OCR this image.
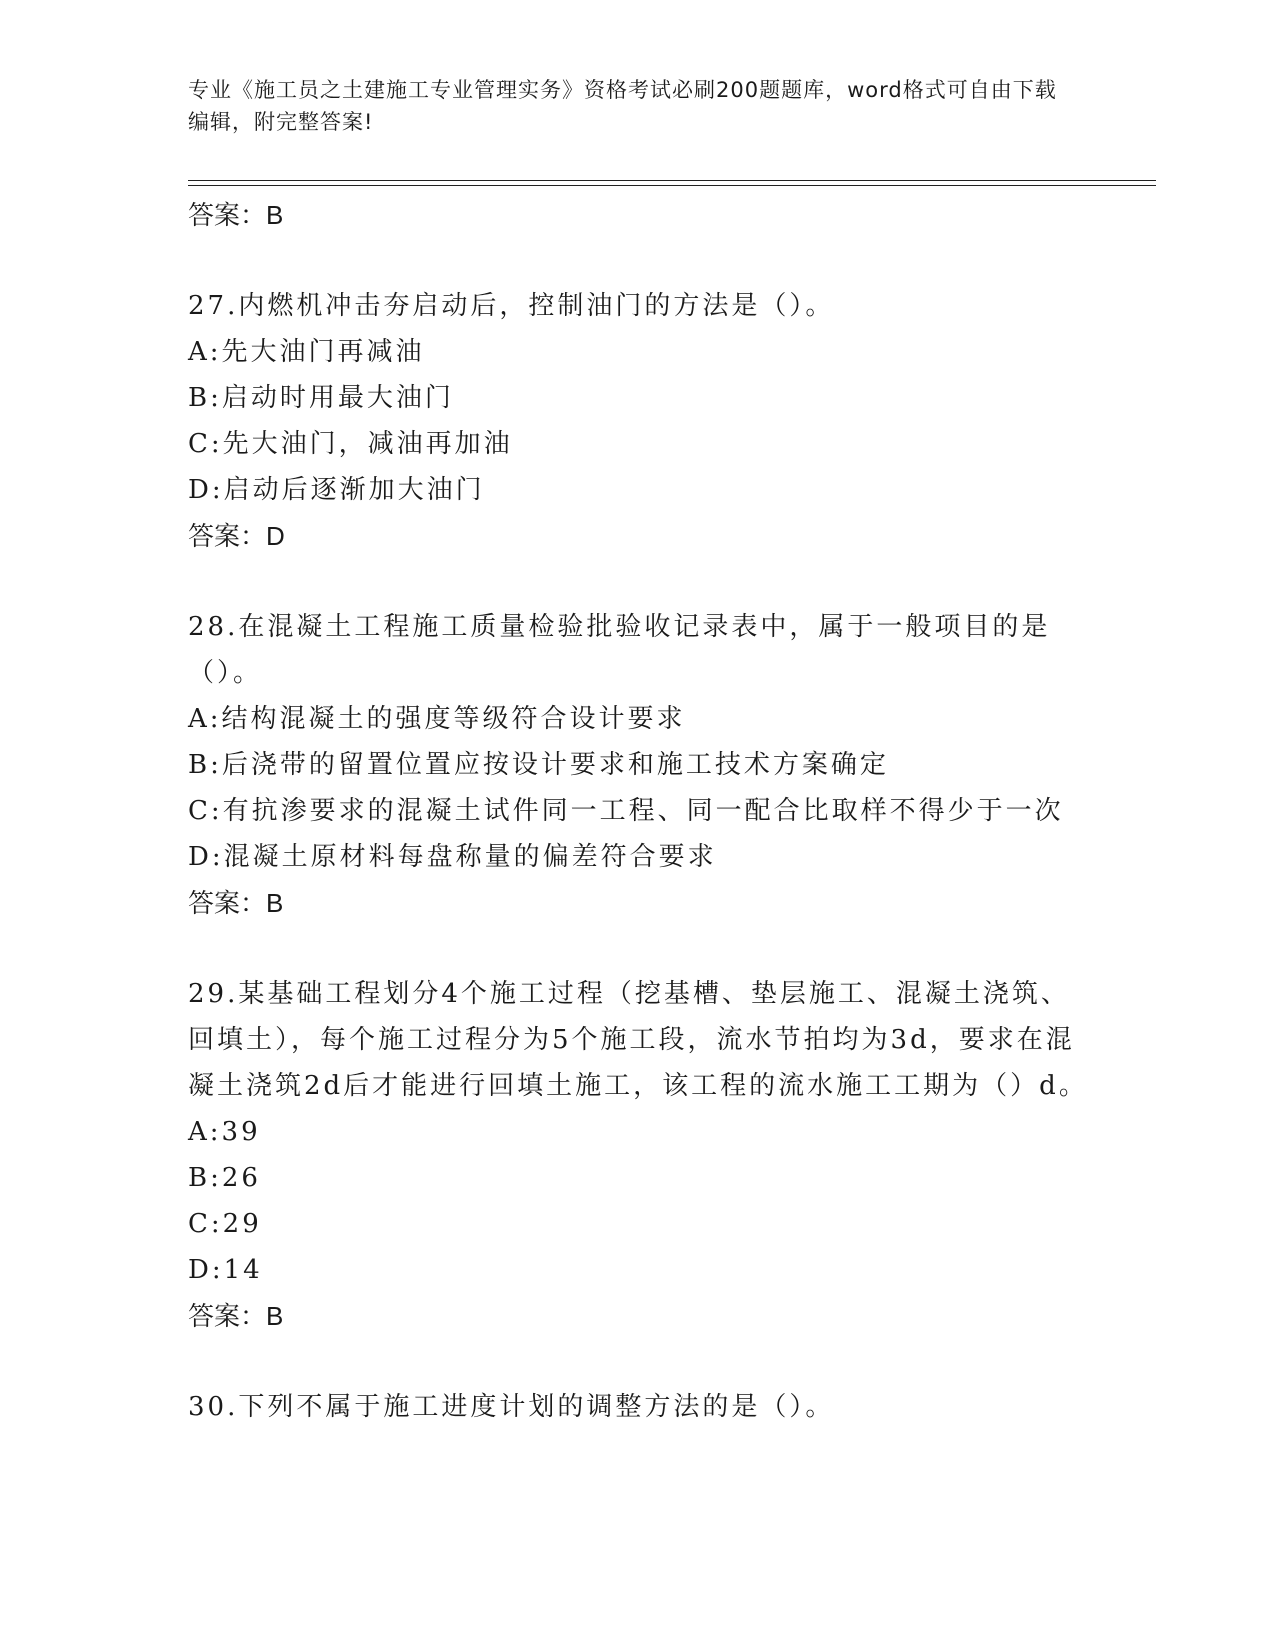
专业《施工员之土建施工专业管理实务》资格考试必刷200题题库，word格式可自由下载编辑，附完整答案!
答案：B
27.内燃机冲击夯启动后，控制油门的方法是（）。
A:先大油门再减油
B:启动时用最大油门
C:先大油门，减油再加油
D:启动后逐渐加大油门
答案：D
28.在混凝土工程施工质量检验批验收记录表中，属于一般项目的是（）。
A:结构混凝土的强度等级符合设计要求
B:后浇带的留置位置应按设计要求和施工技术方案确定
C:有抗渗要求的混凝土试件同一工程、同一配合比取样不得少于一次
D:混凝土原材料每盘称量的偏差符合要求
答案：B
29.某基础工程划分4个施工过程（挖基槽、垫层施工、混凝土浇筑、回填土），每个施工过程分为5个施工段，流水节拍均为3d，要求在混凝土浇筑2d后才能进行回填土施工，该工程的流水施工工期为（）d。
A:39
B:26
C:29
D:14
答案：B
30.下列不属于施工进度计划的调整方法的是（）。
